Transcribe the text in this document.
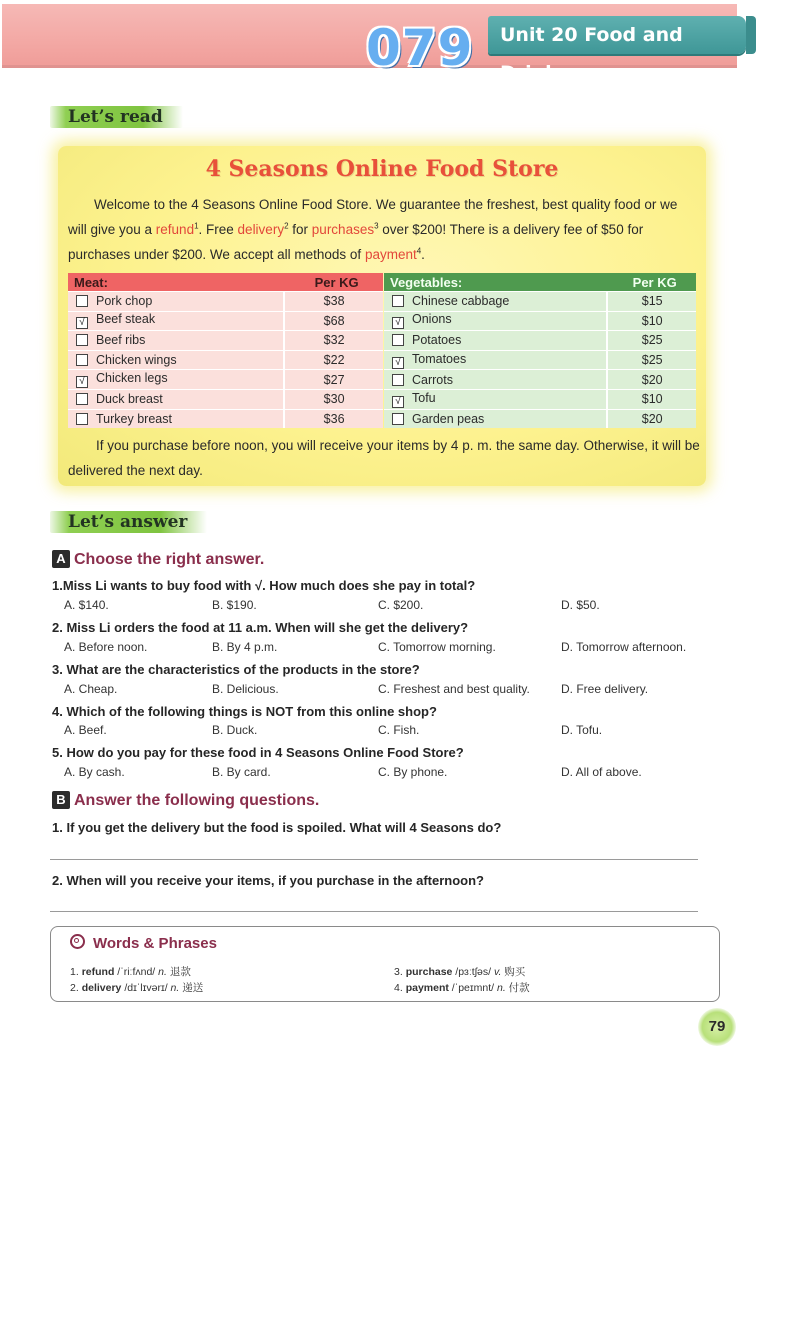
079	Unit 20 Food and Drink
Let’s read
4 Seasons Online Food Store
Welcome to the 4 Seasons Online Food Store. We guarantee the freshest, best quality food or we will give you a refund$^1$. Free delivery$^2$ for purchases$^3$ over $200! There is a delivery fee of $50 for purchases under $200. We accept all methods of payment$^4$.
Meat:	Per KG
Pork chop	$38
√ Beef steak	$68
Beef ribs	$32
Chicken wings	$22
√ Chicken legs	$27
Duck breast	$30
Turkey breast	$36
Vegetables:	Per KG
Chinese cabbage	$15
√ Onions	$10
Potatoes	$25
√ Tomatoes	$25
Carrots	$20
√ Tofu	$10
Garden peas	$20
If you purchase before noon, you will receive your items by 4 p. m. the same day. Otherwise, it will be delivered the next day.
Let’s answer
A Choose the right answer.
1.Miss Li wants to buy food with √. How much does she pay in total?
A. $140.	B. $190.	C. $200.	D. $50.
2. Miss Li orders the food at 11 a.m. When will she get the delivery?
A. Before noon.	B. By 4 p.m.	C. Tomorrow morning.	D. Tomorrow afternoon.
3. What are the characteristics of the products in the store?
A. Cheap.	B. Delicious.	C. Freshest and best quality.	D. Free delivery.
4. Which of the following things is NOT from this online shop?
A. Beef.	B. Duck.	C. Fish.	D. Tofu.
5. How do you pay for these food in 4 Seasons Online Food Store?
A. By cash.	B. By card.	C. By phone.	D. All of above.
B Answer the following questions.
1. If you get the delivery but the food is spoiled. What will 4 Seasons do?
2. When will you receive your items, if you purchase in the afternoon?
Words & Phrases
1. refund /ˈriːfʌnd/ n. 退款
2. delivery /dɪˈlɪvərɪ/ n. 递送
3. purchase /pɜːtʃəs/ v. 购买
4. payment /ˈpeɪmnt/ n. 付款
79
